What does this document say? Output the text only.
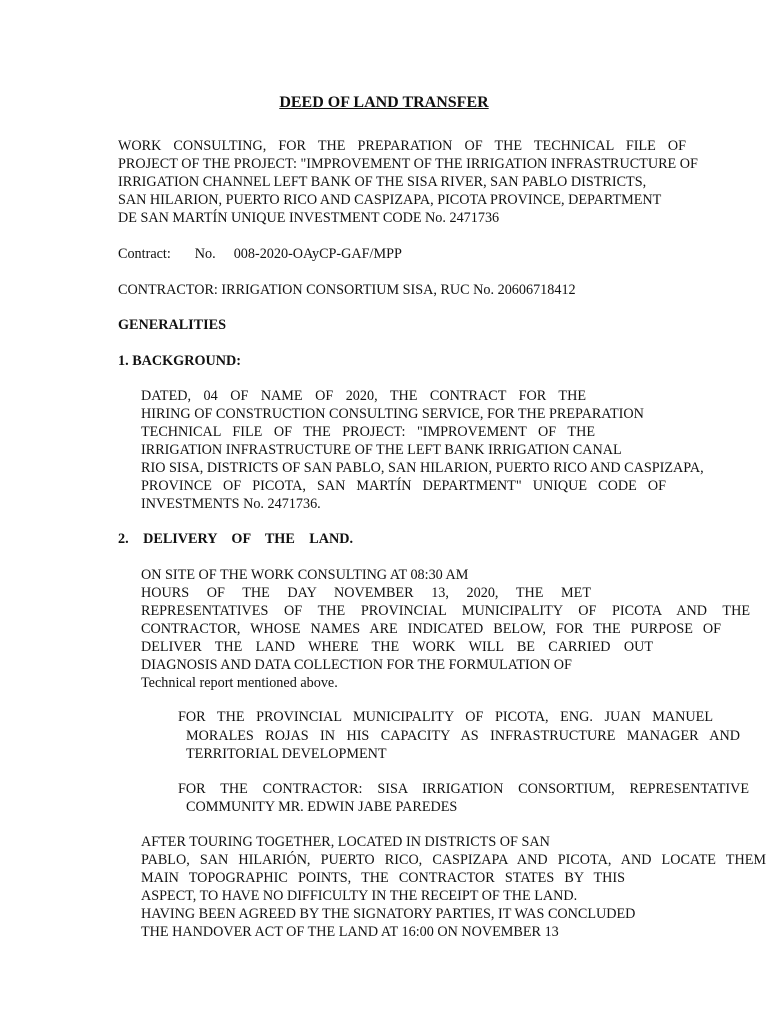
DEED OF LAND TRANSFER

WORK CONSULTING, FOR THE PREPARATION OF THE TECHNICAL FILE OF

PROJECT OF THE PROJECT: "IMPROVEMENT OF THE IRRIGATION INFRASTRUCTURE OF

IRRIGATION CHANNEL LEFT BANK OF THE SISA RIVER, SAN PABLO DISTRICTS,

SAN HILARION, PUERTO RICO AND CASPIZAPA, PICOTA PROVINCE, DEPARTMENT

DE SAN MARTÍN UNIQUE INVESTMENT CODE No. 2471736

Contract: No. 008-2020-OAyCP-GAF/MPP

CONTRACTOR: IRRIGATION CONSORTIUM SISA, RUC No. 20606718412

GENERALITIES

1. BACKGROUND:

DATED, 04 OF NAME OF 2020, THE CONTRACT FOR THE

HIRING OF CONSTRUCTION CONSULTING SERVICE, FOR THE PREPARATION

TECHNICAL FILE OF THE PROJECT: "IMPROVEMENT OF THE

IRRIGATION INFRASTRUCTURE OF THE LEFT BANK IRRIGATION CANAL

RIO SISA, DISTRICTS OF SAN PABLO, SAN HILARION, PUERTO RICO AND CASPIZAPA,

PROVINCE OF PICOTA, SAN MARTÍN DEPARTMENT" UNIQUE CODE OF

INVESTMENTS No. 2471736.

2. DELIVERY OF THE LAND.

ON SITE OF THE WORK CONSULTING AT 08:30 AM

HOURS OF THE DAY NOVEMBER 13, 2020, THE MET

REPRESENTATIVES OF THE PROVINCIAL MUNICIPALITY OF PICOTA AND THE

CONTRACTOR, WHOSE NAMES ARE INDICATED BELOW, FOR THE PURPOSE OF

DELIVER THE LAND WHERE THE WORK WILL BE CARRIED OUT

DIAGNOSIS AND DATA COLLECTION FOR THE FORMULATION OF

Technical report mentioned above.

FOR THE PROVINCIAL MUNICIPALITY OF PICOTA, ENG. JUAN MANUEL

MORALES ROJAS IN HIS CAPACITY AS INFRASTRUCTURE MANAGER AND

TERRITORIAL DEVELOPMENT

FOR THE CONTRACTOR: SISA IRRIGATION CONSORTIUM, REPRESENTATIVE

COMMUNITY MR. EDWIN JABE PAREDES

AFTER TOURING TOGETHER, LOCATED IN DISTRICTS OF SAN

PABLO, SAN HILARIÓN, PUERTO RICO, CASPIZAPA AND PICOTA, AND LOCATE THEM

MAIN TOPOGRAPHIC POINTS, THE CONTRACTOR STATES BY THIS

ASPECT, TO HAVE NO DIFFICULTY IN THE RECEIPT OF THE LAND.

HAVING BEEN AGREED BY THE SIGNATORY PARTIES, IT WAS CONCLUDED

THE HANDOVER ACT OF THE LAND AT 16:00 ON NOVEMBER 13
